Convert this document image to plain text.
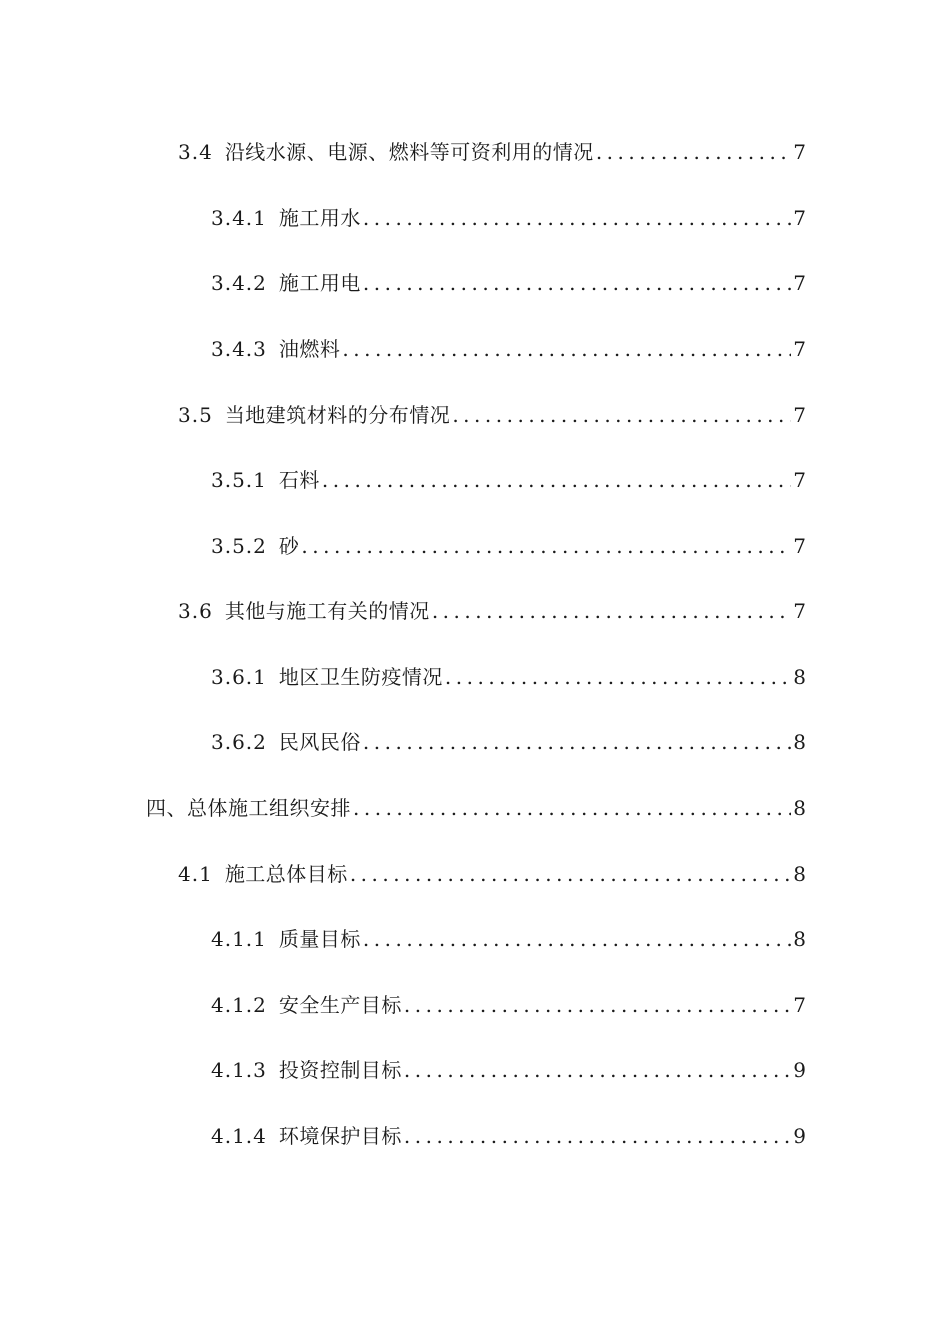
3.4 沿线水源、电源、燃料等可资利用的情况 .....	7
3.4.1 施工用水 .....	7
3.4.2 施工用电 .....	7
3.4.3 油燃料 .....	7
3.5 当地建筑材料的分布情况 .....	7
3.5.1 石料 .....	7
3.5.2 砂 .....	7
3.6 其他与施工有关的情况 .....	7
3.6.1 地区卫生防疫情况 .....	8
3.6.2 民风民俗 .....	8
四、总体施工组织安排 .....	8
4.1 施工总体目标 .....	8
4.1.1 质量目标 .....	8
4.1.2 安全生产目标 .....	7
4.1.3 投资控制目标 .....	9
4.1.4 环境保护目标 .....	9
